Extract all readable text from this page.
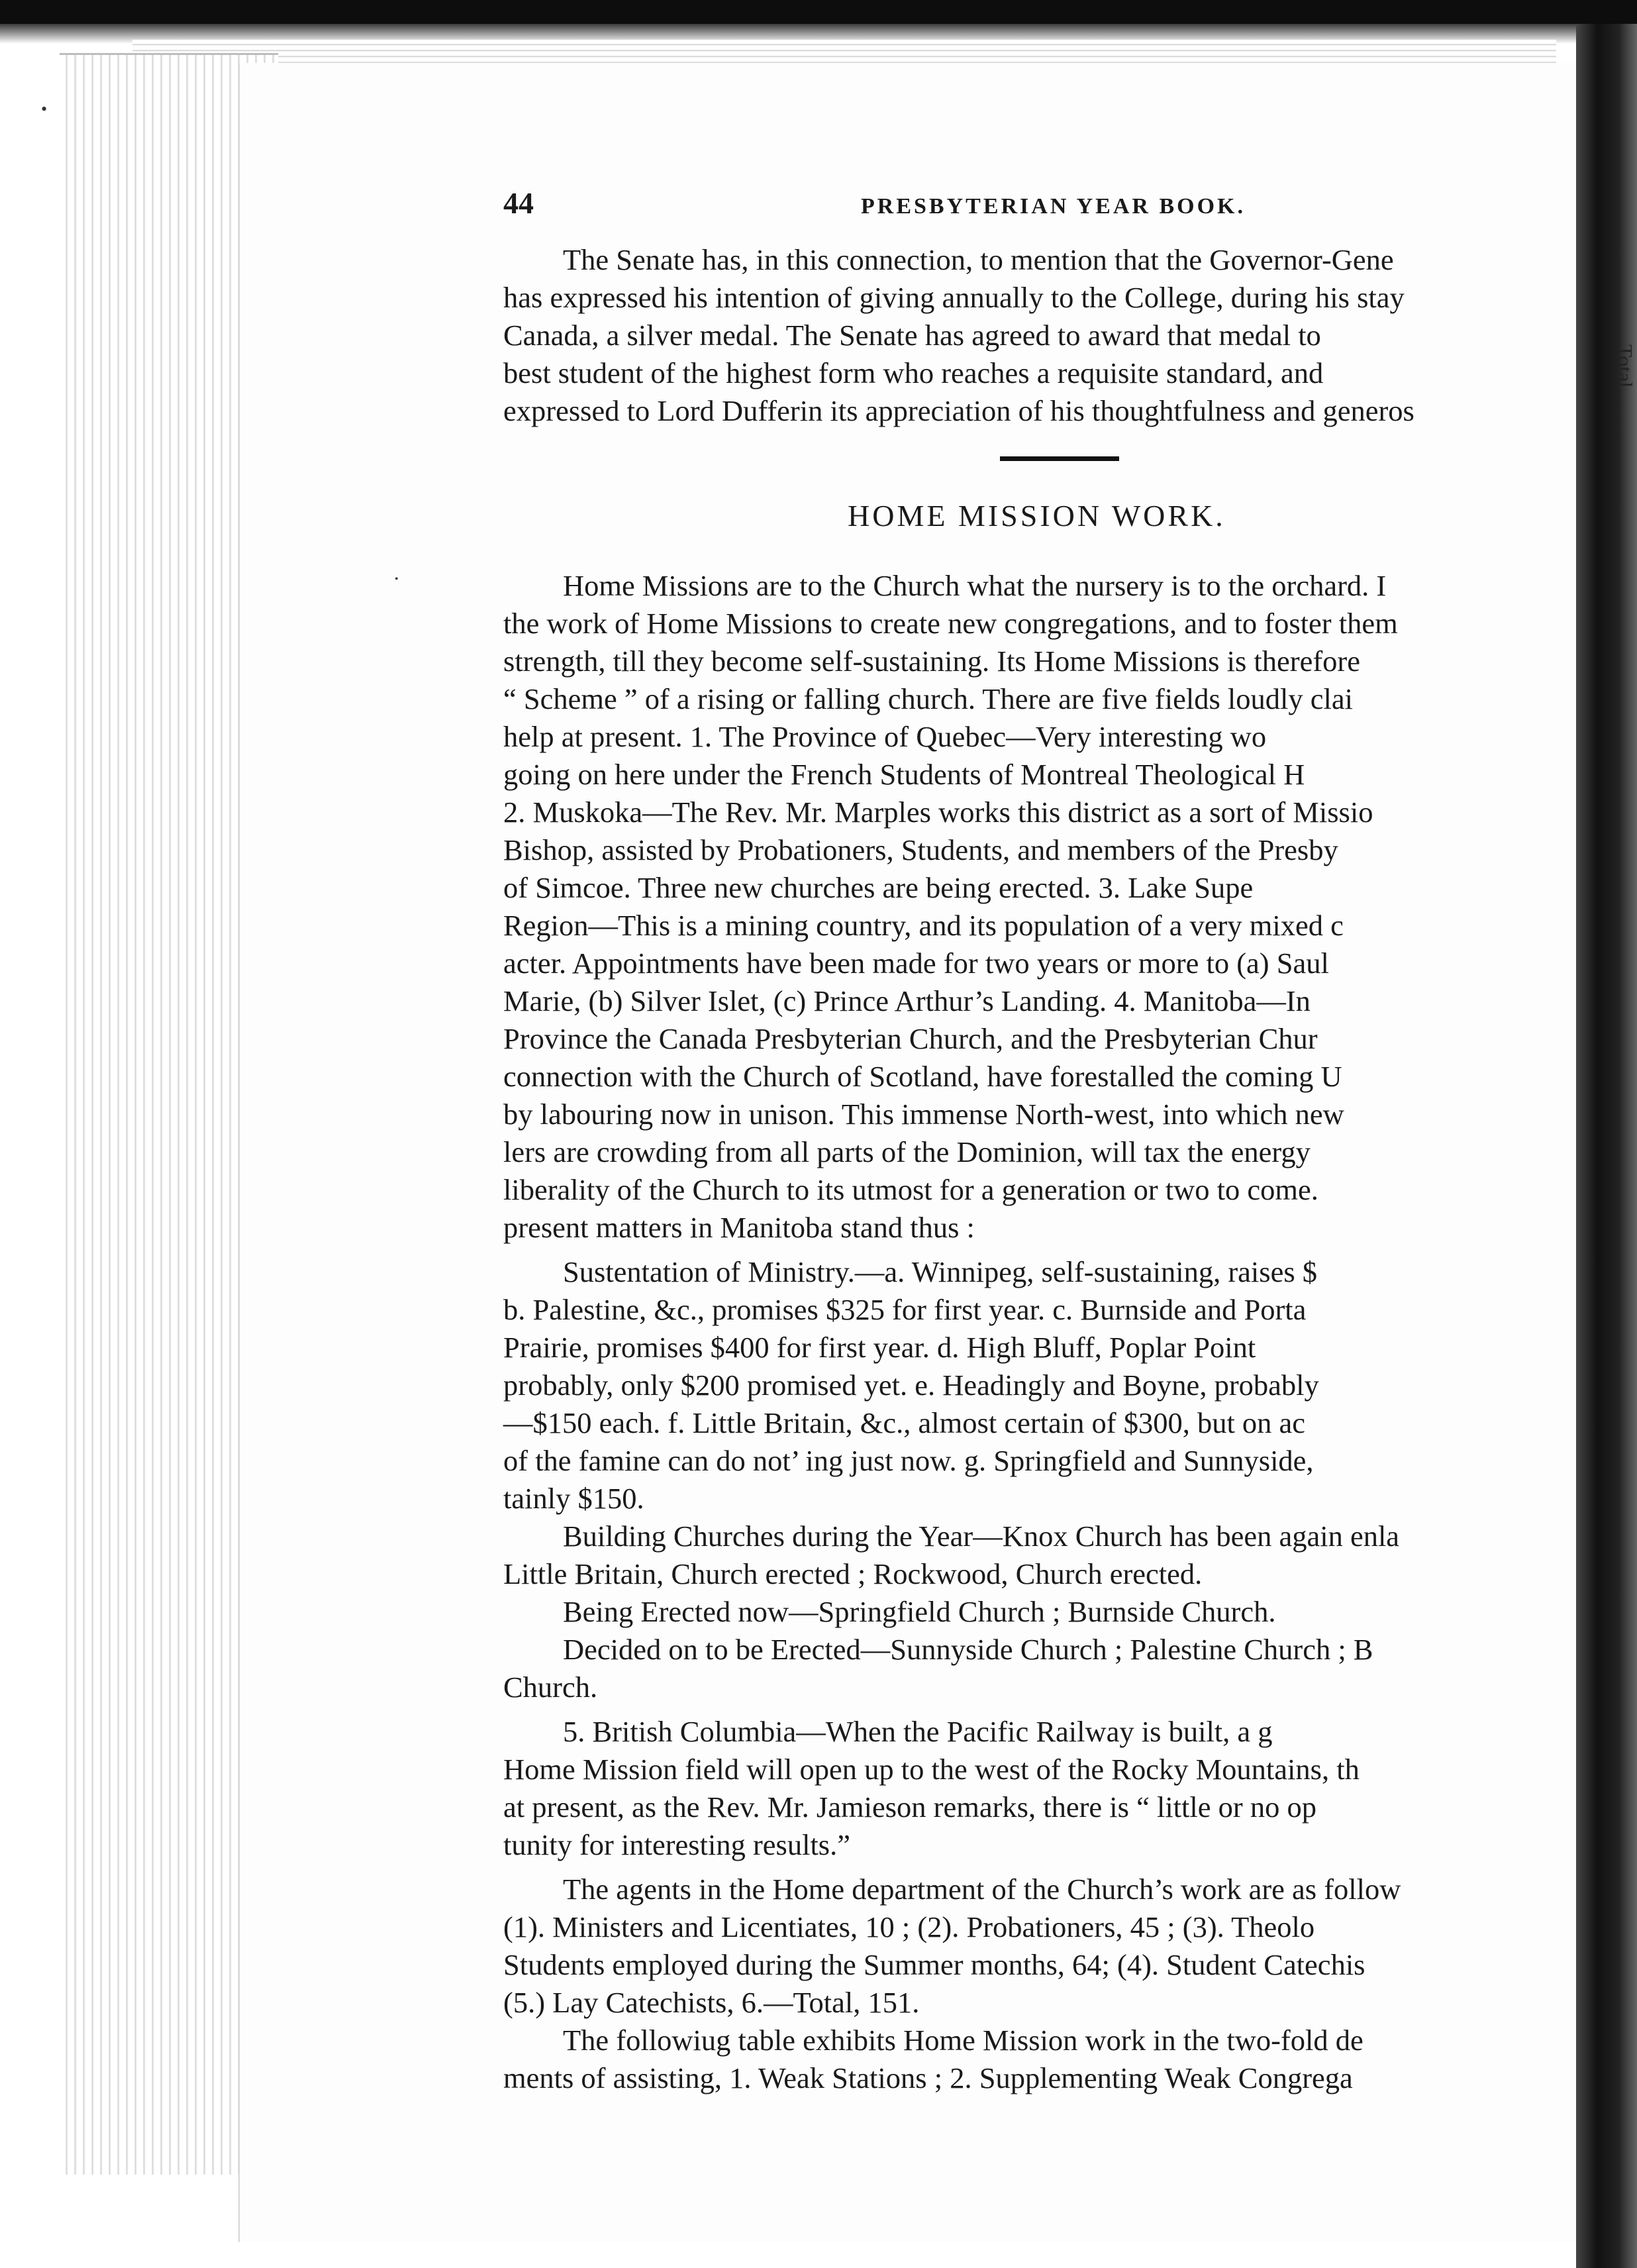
Total............
•
•
44	PRESBYTERIAN YEAR BOOK.

The Senate has, in this connection, to mention that the Governor-Gene

has expressed his intention of giving annually to the College, during his stay

Canada, a silver medal. The Senate has agreed to award that medal to

best student of the highest form who reaches a requisite standard, and

expressed to Lord Dufferin its appreciation of his thoughtfulness and generos

HOME MISSION WORK.

Home Missions are to the Church what the nursery is to the orchard. I

the work of Home Missions to create new congregations, and to foster them

strength, till they become self-sustaining. Its Home Missions is therefore

“ Scheme ” of a rising or falling church. There are five fields loudly clai

help at present. 1. The Province of Quebec—Very interesting wo

going on here under the French Students of Montreal Theological H

2. Muskoka—The Rev. Mr. Marples works this district as a sort of Missio

Bishop, assisted by Probationers, Students, and members of the Presby

of Simcoe. Three new churches are being erected. 3. Lake Supe

Region—This is a mining country, and its population of a very mixed c

acter. Appointments have been made for two years or more to (a) Saul

Marie, (b) Silver Islet, (c) Prince Arthur’s Landing. 4. Manitoba—In

Province the Canada Presbyterian Church, and the Presbyterian Chur

connection with the Church of Scotland, have forestalled the coming U

by labouring now in unison. This immense North-west, into which new

lers are crowding from all parts of the Dominion, will tax the energy

liberality of the Church to its utmost for a generation or two to come.

present matters in Manitoba stand thus :

Sustentation of Ministry.—a. Winnipeg, self-sustaining, raises $

b. Palestine, &c., promises $325 for first year. c. Burnside and Porta

Prairie, promises $400 for first year. d. High Bluff, Poplar Point

probably, only $200 promised yet. e. Headingly and Boyne, probably

—$150 each. f. Little Britain, &c., almost certain of $300, but on ac

of the famine can do not’ ing just now. g. Springfield and Sunnyside,

tainly $150.

Building Churches during the Year—Knox Church has been again enla

Little Britain, Church erected ; Rockwood, Church erected.

Being Erected now—Springfield Church ; Burnside Church.

Decided on to be Erected—Sunnyside Church ; Palestine Church ; B

Church.

5. British Columbia—When the Pacific Railway is built, a g

Home Mission field will open up to the west of the Rocky Mountains, th

at present, as the Rev. Mr. Jamieson remarks, there is “ little or no op

tunity for interesting results.”

The agents in the Home department of the Church’s work are as follow

(1). Ministers and Licentiates, 10 ; (2). Probationers, 45 ; (3). Theolo

Students employed during the Summer months, 64; (4). Student Catechis

(5.) Lay Catechists, 6.—Total, 151.

The followiug table exhibits Home Mission work in the two-fold de

ments of assisting, 1. Weak Stations ; 2. Supplementing Weak Congrega
